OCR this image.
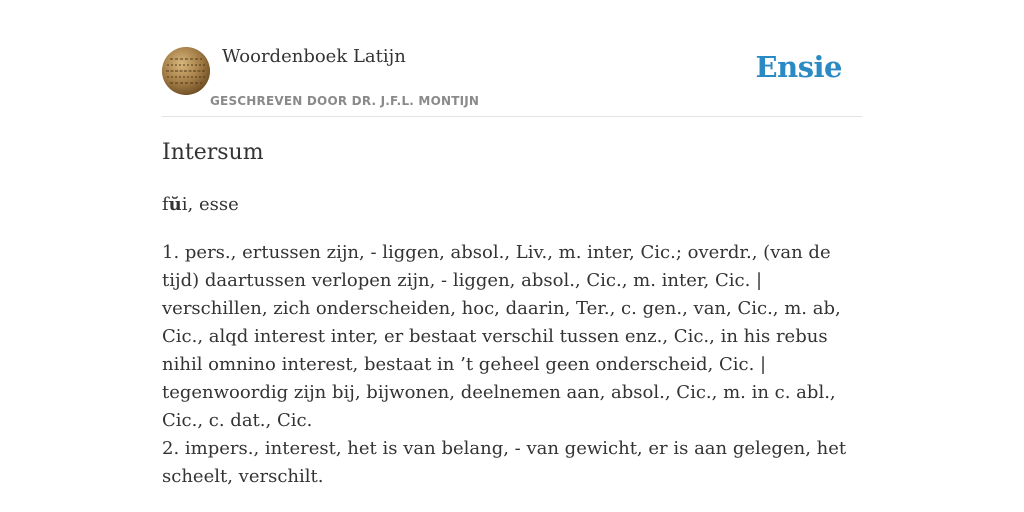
Woordenboek Latijn
GESCHREVEN DOOR DR. J.F.L. MONTIJN
Ensie
Intersum
fŭi, esse

1. pers., ertussen zijn, - liggen, absol., Liv., m. inter, Cic.; overdr., (van de tijd) daartussen verlopen zijn, - liggen, absol., Cic., m. inter, Cic. | verschillen, zich onderscheiden, hoc, daarin, Ter., c. gen., van, Cic., m. ab, Cic., alqd interest inter, er bestaat verschil tussen enz., Cic., in his rebus nihil omnino interest, bestaat in ’t geheel geen onderscheid, Cic. | tegenwoordig zijn bij, bijwonen, deelnemen aan, absol., Cic., m. in c. abl., Cic., c. dat., Cic.
2. impers., interest, het is van belang, - van gewicht, er is aan gelegen, het scheelt, verschilt.
